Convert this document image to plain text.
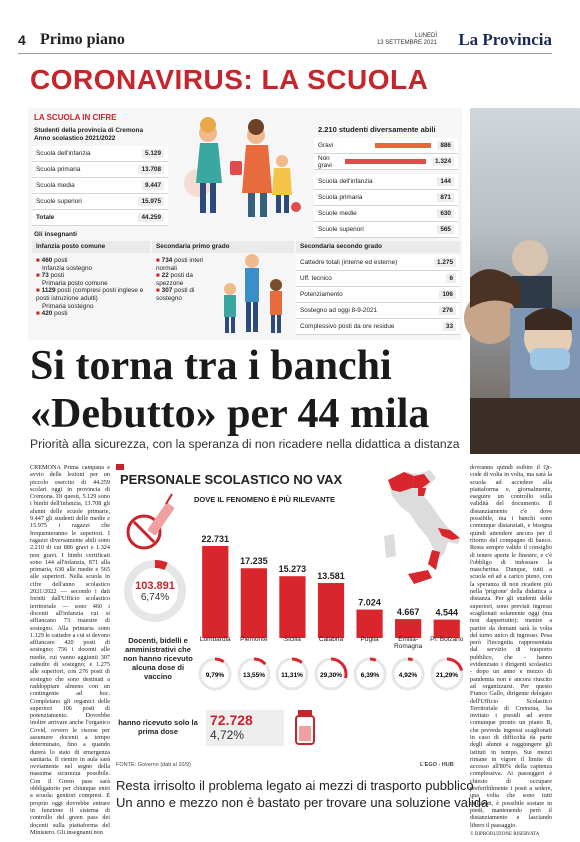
4 Primo piano	LUNEDÌ
13 SETTEMBRE 2021 La Provincia
CORONAVIRUS: LA SCUOLA
LA SCUOLA IN CIFRE
Studenti della provincia di Cremona
Anno scolastico 2021/2022
Scuola dell'infanzia	5.129
Scuola primaria	13.708
Scuola media	9.447
Scuole superiori	15.975
Totale	44.259
2.210 studenti diversamente abili
Gravi	886
Non gravi	1.324
Scuola dell'infanzia	144
Scuola primaria	871
Scuole medie	630
Scuole superiori	565
Gli insegnanti
Infanzia posto comune
■ 460 posti
Infanzia sostegno
■ 73 posti
Primaria posto comune
■ 1129 posti (compresi posti inglese e posti istruzione adulti)
Primaria sostegno
■ 420 posti
Secondaria primo grado
■ 734 posti interi normali
■ 22 posti da spezzone
■ 307 posti di sostegno
Secondaria secondo grado
Cattedre totali (interne ed esterne)	1.275
Uff. tecnico	6
Potenziamento	106
Sostegno ad oggi 8-9-2021	276
Complessivo posti da ore residue	33
Si torna tra i banchi
«Debutto» per 44 mila
Priorità alla sicurezza, con la speranza di non ricadere nella didattica a distanza
CREMONA Prima campana e avvio delle lezioni per un piccolo esercito di 44.259 scolari oggi in provincia di Cremona. Di questi, 5.129 sono i bimbi dell'infanzia, 13.708 gli alunni delle scuole primarie, 9.447 gli studenti delle medie e 15.975 i ragazzi che frequenteranno le superiori. I ragazzi diversamente abili sono 2.210 di cui 886 gravi e 1.324 non gravi. I bimbi certificati sono 144 all'infanzia, 871 alla primaria, 630 alle medie e 565 alle superiori. Nella scuola in cifre dell'anno scolastico 2021/2022 — secondo i dati forniti dall'Ufficio scolastico territoriale — sono 460 i docenti all'infanzia cui si affiancano 73 maestre di sostegno. Alla primaria sono 1.129 le cattedre a cui si devono affiancare 420 posti di sostegno; 756 i docenti alle medie, cui vanno aggiunti 307 cattedre di sostegno; e 1.275 alle superiori, con 276 posti di sostegno che sono destinati a raddoppiare almeno con un contingente ad hoc. Completano gli organici delle superiori 106 posti di potenziamento. Dovrebbe inoltre arrivare anche l'organico Covid, ovvero le risorse per assumere docenti a tempo determinato, fino a quando durerà lo stato di emergenza sanitaria. Il rientro in aula sarà ovviamente nel segno della massima sicurezza possibile. Con il Green pass sarà obbligatorio per chiunque entri a scuola: genitori compresi. È proprio oggi dovrebbe entrare in funzione il sistema di controllo del green pass dei docenti sulla piattaforma del Ministero. Gli insegnanti non
dovranno quindi esibire il Qr-code di volta in volta, ma sarà la scuola ad accedere alla piattaforma e, giornalmente, eseguire un controllo sulla validità del documento. Il distanziamento c'è dove possibile, ma i banchi sono comunque distanziati, e bisogna quindi attendere ancora per il ritorno del compagno di banco. Resta sempre valido il consiglio di tenere aperte le finestre, e c'è l'obbligo di indossare la mascherina. Dunque, tutti a scuola ed ad a carico pieno, con la speranza di non ricadere più nella 'prigione' della didattica a distanza. Per gli studenti delle superiori, sono previsti ingressi scaglionati solamente oggi (ma non dappertutto): mentre a partire da domani sarà la volta del turno unico di ingresso. Pesa però l'incognita rappresentata dal servizio di trasporto pubblico, che - hanno evidenziato i dirigenti scolastici - dopo un anno e mezzo di pandemia non è ancora riuscito ad organizzarsi. Per questo Franco Gallo, dirigente delegato dell'Ufficio Scolastico Territoriale di Cremona, ha invitato i presidi ad avere comunque pronto un piano B, che preveda ingressi scaglionati in caso di difficoltà da parte degli alunni a raggiungere gli istituti in tempo. Sui mezzi rimane in vigore il limite di accesso all'80% della capienza complessiva. Ai passeggeri è chiesto di occupare preferibilmente i posti a sedere, una volta che sono tutti utilizzati, è possibile sostare in piedi, mantenendo però il distanziamento e lasciando libero il passaggio.
© RIPRODUZIONE RISERVATA
PERSONALE SCOLASTICO NO VAX
DOVE IL FENOMENO È PIÙ RILEVANTE
103.891
6,74%
Docenti, bidelli e amministrativi che non hanno ricevuto alcuna dose di vaccino
22.731
17.235
15.273
13.581
7.024
4.667 4.544
Lombardia
9,79%
Piemonte
13,55%
Sicilia
11,31%
Calabria
29,30%
Puglia
6,39%
Emilia-Romagna
4,92%
Pr. Bolzano
21,29%
hanno ricevuto solo la prima dose
72.728
4,72%
FONTE: Governo (dati al 10/9)	L'EGO - HUB
Resta irrisolto il problema legato ai mezzi di trasporto pubblico
Un anno e mezzo non è bastato per trovare una soluzione valida
